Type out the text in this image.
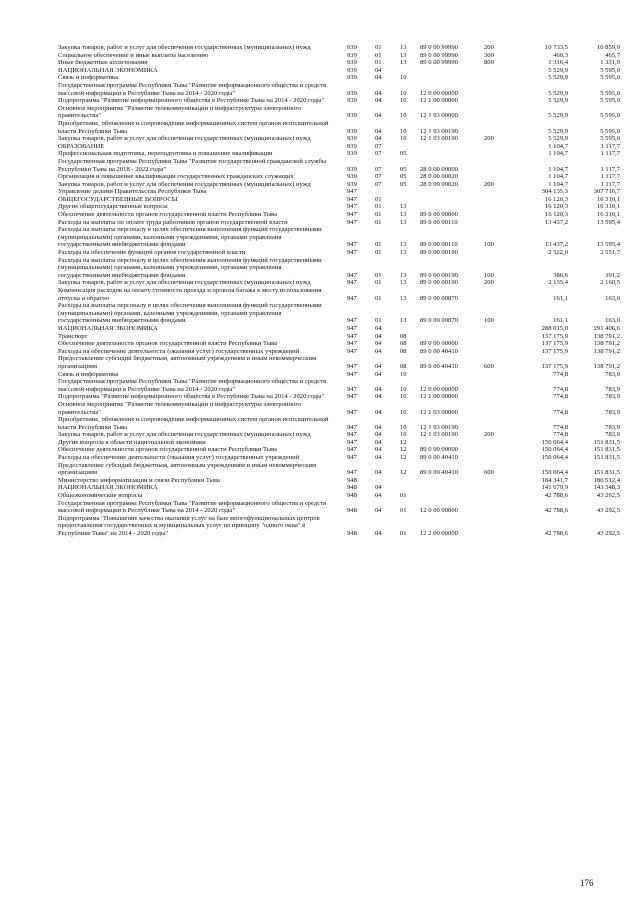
Закупка товаров, работ и услуг для обеспечения государственных (муниципальных) нужд	939	01	13 89 0 00 99990	200	10 733,5	10 859,9
Социальное обеспечение и иные выплаты населению	939	01	13 89 0 00 99990	300	460,3	465,7
Иные бюджетные ассигнования	939	01	13 89 0 00 99990	800	1 316,4	1 331,9
НАЦИОНАЛЬНАЯ ЭКОНОМИКА	939	04	5 529,9	5 595,0
Связь и информатика	939	04	10	5 529,9	5 595,0
Государственная программа Республики Тыва "Развитие информационного общества и средств массовой информации в Республике Тыва на 2014 - 2020 годы"	939	04	10 12 0 00 00000	5 529,9	5 595,0
Подпрограмма "Развитие информационного общества в Республике Тыва на 2014 - 2020 годы"	939	04	10 12 1 00 00000	5 529,9	5 595,0
Основное мероприятие "Развитие телекоммуникации и инфраструктуры электронного правительства"	939	04	10 12 1 03 00000	5 529,9	5 595,0
Приобретение, обновление и сопровождение информационных систем органов исполнительной власти Республики Тыва	939	04	10 12 1 03 00190	5 529,9	5 595,0
Закупка товаров, работ и услуг для обеспечения государственных (муниципальных) нужд	939	04	10 12 1 03 00190	200	5 529,9	5 595,0
ОБРАЗОВАНИЕ	939	07	1 104,7	1 117,7
Профессиональная подготовка, переподготовка и повышение квалификации	939	07	05	1 104,7	1 117,7
Государственная программа Республики Тыва "Развитие государственной гражданской службы Республики Тыва на 2018 - 2022 годы"	939	07	05 28 0 00 00000	1 104,7	1 117,7
Организация и повышение квалификации государственных гражданских служащих	939	07	05 28 0 00 00020	1 104,7	1 117,7
Закупка товаров, работ и услуг для обеспечения государственных (муниципальных) нужд	939	07	05 28 0 00 00020	200	1 104,7	1 117,7
Управление делами Правительства Республики Тыва	947	304 135,3	307 716,7
ОБЩЕГОСУДАРСТВЕННЫЕ ВОПРОСЫ	947	01	16 120,3	16 310,1
Другие общегосударственные вопросы	947	01	13	16 120,3	16 310,1
Обеспечение деятельности органов государственной власти Республики Тыва	947	01	13 89 0 00 00000	16 120,3	16 310,1
Расходы на выплаты по оплате труда работников органов государственной власти	947	01	13 89 0 00 00110	13 437,2	13 595,4
Расходы на выплаты персоналу в целях обеспечения выполнения функций государственными (муниципальными) органами, казенными учреждениями, органами управления государственными внебюджетными фондами	947	01	13 89 0 00 00110	100	13 437,2	13 595,4
Расходы на обеспечение функций органов государственной власти	947	01	13 89 0 00 00190	2 522,0	2 551,7
Расходы на выплаты персоналу в целях обеспечения выполнения функций государственными (муниципальными) органами, казенными учреждениями, органами управления государственными внебюджетными фондами	947	01	13 89 0 00 00190	100	386,6	391,2
Закупка товаров, работ и услуг для обеспечения государственных (муниципальных) нужд	947	01	13 89 0 00 00190	200	2 135,4	2 160,5
Компенсация расходов на оплату стоимости проезда и провоза багажа к месту использования отпуска и обратно	947	01	13 89 0 00 00870	161,1	163,0
Расходы на выплаты персоналу в целях обеспечения выполнения функций государственными (муниципальными) органами, казенными учреждениями, органами управления государственными внебюджетными фондами	947	01	13 89 0 00 00870	100	161,1	163,0
НАЦИОНАЛЬНАЯ ЭКОНОМИКА	947	04	288 015,0	291 406,6
Транспорт	947	04	08	137 175,9	138 791,2
Обеспечение деятельности органов государственной власти Республики Тыва	947	04	08 89 0 00 00000	137 175,9	138 791,2
Расходы на обеспечение деятельности (оказания услуг) государственных учреждений	947	04	08 89 0 00 40410	137 175,9	138 791,2
Предоставление субсидий бюджетным, автономным учреждениям и иным некоммерческим организациям	947	04	08 89 0 00 40410	600	137 175,9	138 791,2
Связь и информатика	947	04	10	774,8	783,9
Государственная программа Республики Тыва "Развитие информационного общества и средств массовой информации в Республике Тыва на 2014 - 2020 годы"	947	04	10 12 0 00 00000	774,8	783,9
Подпрограмма "Развитие информационного общества в Республике Тыва на 2014 - 2020 годы"	947	04	10 12 1 00 00000	774,8	783,9
Основное мероприятие "Развитие телекоммуникации и инфраструктуры электронного правительства"	947	04	10 12 1 03 00000	774,8	783,9
Приобретение, обновление и сопровождение информационных систем органов исполнительной власти Республики Тыва	947	04	10 12 1 03 00190	774,8	783,9
Закупка товаров, работ и услуг для обеспечения государственных (муниципальных) нужд	947	04	10 12 1 03 00190	200	774,8	783,9
Другие вопросы в области национальной экономики	947	04	12	150 064,4	151 831,5
Обеспечение деятельности органов государственной власти Республики Тыва	947	04	12 89 0 00 00000	150 064,4	151 831,5
Расходы на обеспечение деятельности (оказания услуг) государственных учреждений	947	04	12 89 0 00 40410	150 064,4	151 831,5
Предоставление субсидий бюджетным, автономным учреждениям и иным некоммерческим организациям	947	04	12 89 0 00 40410	600	150 064,4	151 831,5
Министерство информатизации и связи Республики Тыва	948	184 341,7	186 512,4
НАЦИОНАЛЬНАЯ ЭКОНОМИКА	948	04	141 679,9	143 348,3
Общеэкономические вопросы	948	04	01	42 788,6	43 292,5
Государственная программа Республики Тыва "Развитие информационного общества и средств массовой информации в Республике Тыва на 2014 - 2020 годы"	948	04	01 12 0 00 00000	42 788,6	43 292,5
Подпрограмма "Повышение качества оказания услуг на базе многофункциональных центров предоставления государственных и муниципальных услуг по принципу "одного окна" в Республике Тыва" на 2014 - 2020 годы"	948	04	01 12 2 00 00000	42 788,6	43 292,5
176
